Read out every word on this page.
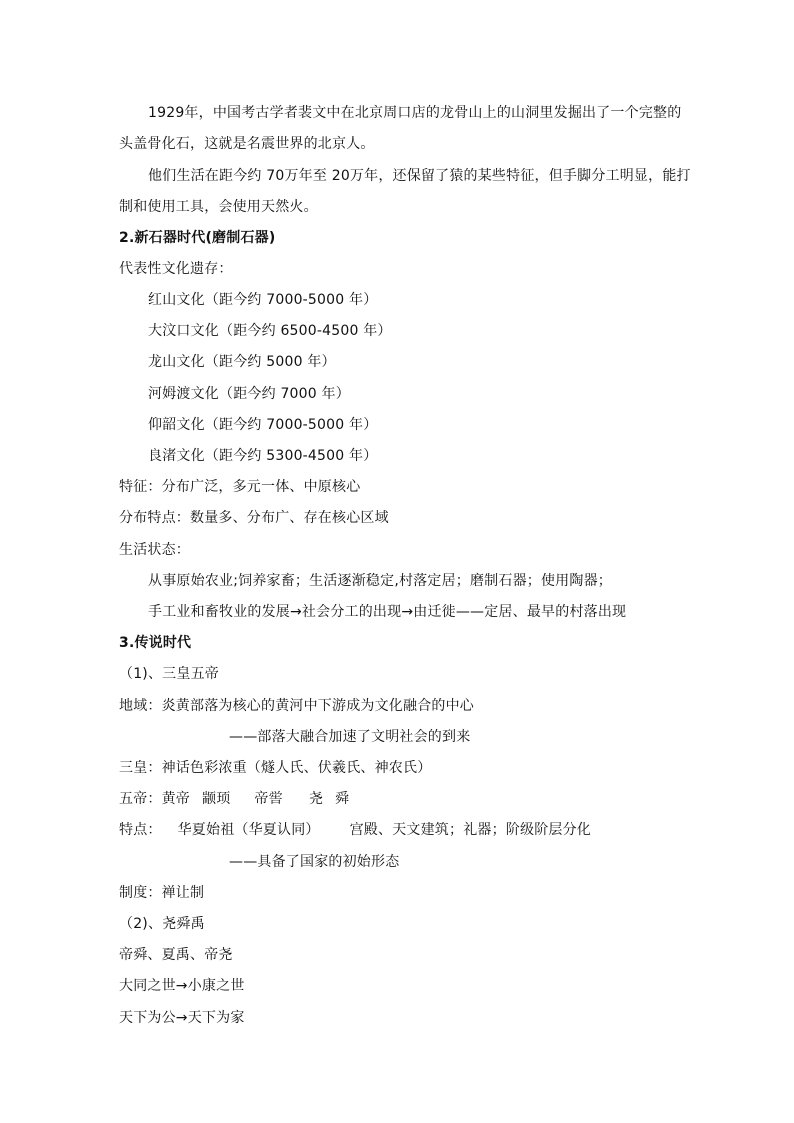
1929年，中国考古学者裴文中在北京周口店的龙骨山上的山洞里发掘出了一个完整的
头盖骨化石，这就是名震世界的北京人。
他们生活在距今约 70万年至 20万年，还保留了猿的某些特征，但手脚分工明显，能打
制和使用工具，会使用天然火。
2.新石器时代(磨制石器)
代表性文化遗存：
红山文化（距今约 7000-5000 年）
大汶口文化（距今约 6500-4500 年）
龙山文化（距今约 5000 年）
河姆渡文化（距今约 7000 年）
仰韶文化（距今约 7000-5000 年）
良渚文化（距今约 5300-4500 年）
特征：分布广泛，多元一体、中原核心
分布特点：数量多、分布广、存在核心区域
生活状态：
从事原始农业;饲养家畜；生活逐渐稳定,村落定居；磨制石器；使用陶器；
手工业和畜牧业的发展→社会分工的出现→由迁徙——定居、最早的村落出现
3.传说时代
（1)、三皇五帝
地域：炎黄部落为核心的黄河中下游成为文化融合的中心
——部落大融合加速了文明社会的到来
三皇：神话色彩浓重（燧人氏、伏羲氏、神农氏）
五帝：黄帝 颛顼 帝喾 尧 舜
特点： 华夏始祖（华夏认同） 宫殿、天文建筑；礼器；阶级阶层分化
——具备了国家的初始形态
制度：禅让制
（2)、尧舜禹
帝舜、夏禹、帝尧
大同之世→小康之世
天下为公→天下为家
